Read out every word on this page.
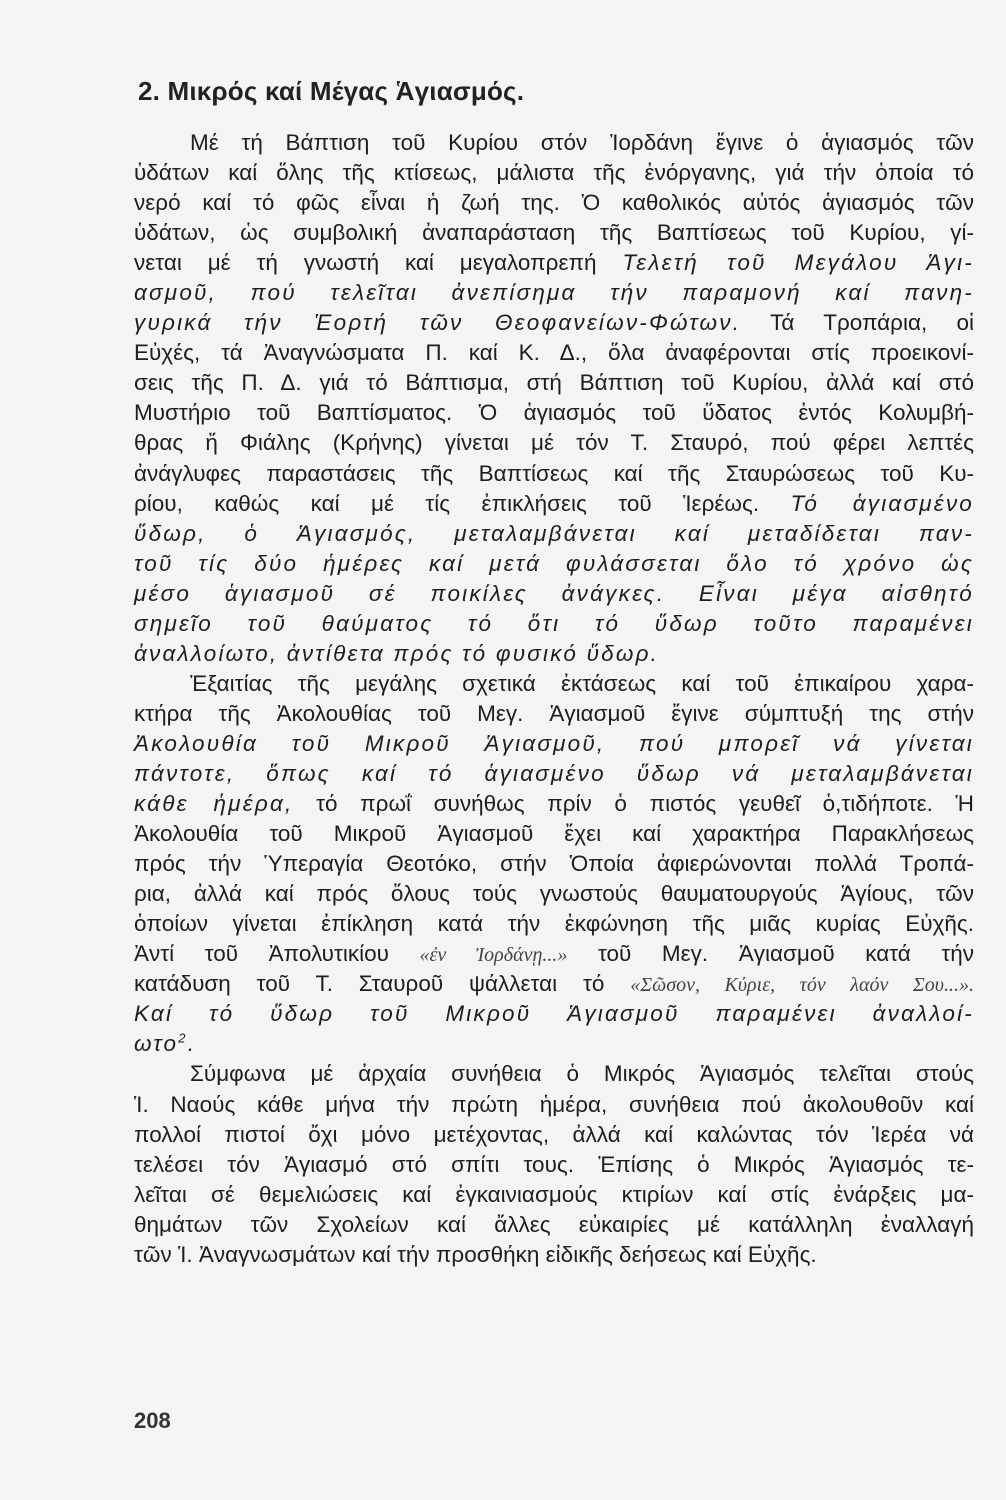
2. Μικρός καί Μέγας Ἁγιασμός.
Μέ τή Βάπτιση τοῦ Κυρίου στόν Ἰορδάνη ἔγινε ὁ ἁγιασμός τῶν
ὑδάτων καί ὅλης τῆς κτίσεως, μάλιστα τῆς ἐνόργανης, γιά τήν ὁποία τό
νερό καί τό φῶς εἶναι ἡ ζωή της. Ὁ καθολικός αὐτός ἁγιασμός τῶν
ὑδάτων, ὡς συμβολική ἀναπαράσταση τῆς Βαπτίσεως τοῦ Κυρίου, γί-
νεται μέ τή γνωστή καί μεγαλοπρεπή Τελετή τοῦ Μεγάλου Ἁγι-
ασμοῦ, πού τελεῖται ἀνεπίσημα τήν παραμονή καί πανη-
γυρικά τήν Ἑορτή τῶν Θεοφανείων-Φώτων. Τά Τροπάρια, οἱ
Εὐχές, τά Ἀναγνώσματα Π. καί Κ. Δ., ὅλα ἀναφέρονται στίς προεικονί-
σεις τῆς Π. Δ. γιά τό Βάπτισμα, στή Βάπτιση τοῦ Κυρίου, ἀλλά καί στό
Μυστήριο τοῦ Βαπτίσματος. Ὁ ἁγιασμός τοῦ ὕδατος ἐντός Κολυμβή-
θρας ἤ Φιάλης (Κρήνης) γίνεται μέ τόν Τ. Σταυρό, πού φέρει λεπτές
ἀνάγλυφες παραστάσεις τῆς Βαπτίσεως καί τῆς Σταυρώσεως τοῦ Κυ-
ρίου, καθώς καί μέ τίς ἐπικλήσεις τοῦ Ἱερέως. Τό ἁγιασμένο
ὕδωρ, ὁ Ἁγιασμός, μεταλαμβάνεται καί μεταδίδεται παν-
τοῦ τίς δύο ἡμέρες καί μετά φυλάσσεται ὅλο τό χρόνο ὡς
μέσο ἁγιασμοῦ σέ ποικίλες ἀνάγκες. Εἶναι μέγα αἰσθητό
σημεῖο τοῦ θαύματος τό ὅτι τό ὕδωρ τοῦτο παραμένει
ἀναλλοίωτο, ἀντίθετα πρός τό φυσικό ὕδωρ.
Ἐξαιτίας τῆς μεγάλης σχετικά ἐκτάσεως καί τοῦ ἐπικαίρου χαρα-
κτήρα τῆς Ἀκολουθίας τοῦ Μεγ. Ἁγιασμοῦ ἔγινε σύμπτυξή της στήν
Ἀκολουθία τοῦ Μικροῦ Ἁγιασμοῦ, πού μπορεῖ νά γίνεται
πάντοτε, ὅπως καί τό ἁγιασμένο ὕδωρ νά μεταλαμβάνεται
κάθε ἡμέρα, τό πρωΐ συνήθως πρίν ὁ πιστός γευθεῖ ὁ,τιδήποτε. Ἡ
Ἀκολουθία τοῦ Μικροῦ Ἁγιασμοῦ ἔχει καί χαρακτήρα Παρακλήσεως
πρός τήν Ὑπεραγία Θεοτόκο, στήν Ὁποία ἀφιερώνονται πολλά Τροπά-
ρια, ἀλλά καί πρός ὅλους τούς γνωστούς θαυματουργούς Ἁγίους, τῶν
ὁποίων γίνεται ἐπίκληση κατά τήν ἐκφώνηση τῆς μιᾶς κυρίας Εὐχῆς.
Ἀντί τοῦ Ἀπολυτικίου «ἐν Ἰορδάνῃ...» τοῦ Μεγ. Ἁγιασμοῦ κατά τήν
κατάδυση τοῦ Τ. Σταυροῦ ψάλλεται τό «Σῶσον, Κύριε, τόν λαόν Σου...».
Καί τό ὕδωρ τοῦ Μικροῦ Ἁγιασμοῦ παραμένει ἀναλλοί-
ωτο$^2$.
Σύμφωνα μέ ἀρχαία συνήθεια ὁ Μικρός Ἁγιασμός τελεῖται στούς
Ἱ. Ναούς κάθε μήνα τήν πρώτη ἡμέρα, συνήθεια πού ἀκολουθοῦν καί
πολλοί πιστοί ὄχι μόνο μετέχοντας, ἀλλά καί καλώντας τόν Ἱερέα νά
τελέσει τόν Ἁγιασμό στό σπίτι τους. Ἐπίσης ὁ Μικρός Ἁγιασμός τε-
λεῖται σέ θεμελιώσεις καί ἐγκαινιασμούς κτιρίων καί στίς ἐνάρξεις μα-
θημάτων τῶν Σχολείων καί ἄλλες εὐκαιρίες μέ κατάλληλη ἐναλλαγή
τῶν Ἱ. Ἀναγνωσμάτων καί τήν προσθήκη εἰδικῆς δεήσεως καί Εὐχῆς.
208
